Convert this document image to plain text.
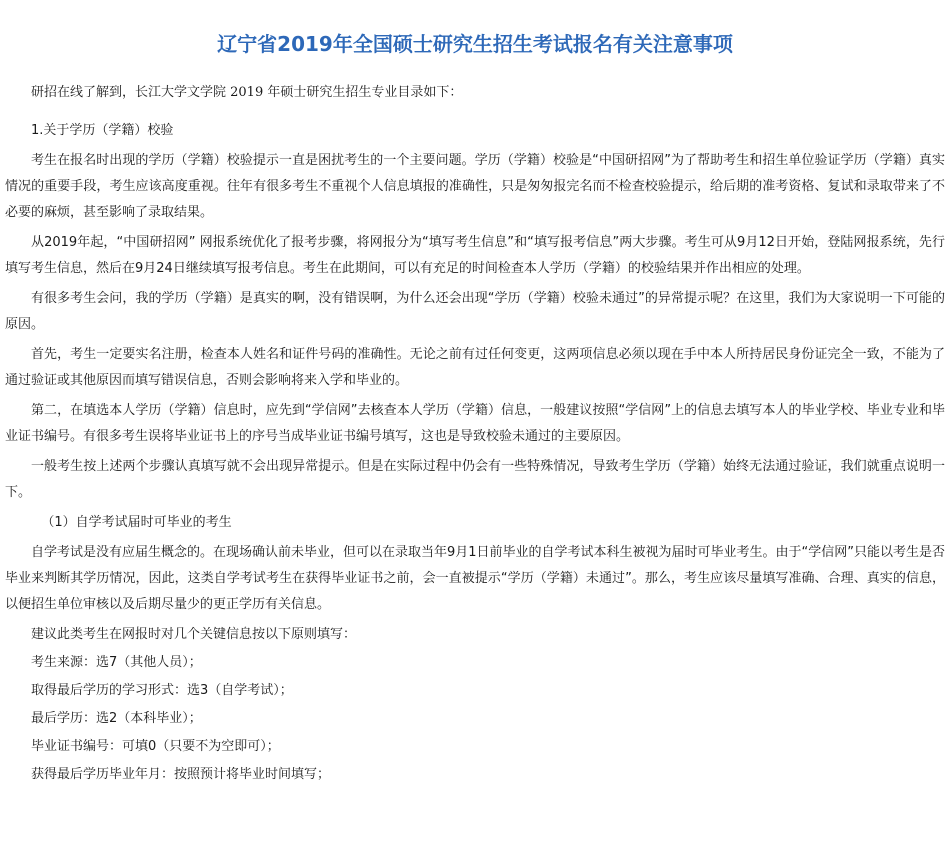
辽宁省2019年全国硕士研究生招生考试报名有关注意事项

研招在线了解到，长江大学文学院 2019 年硕士研究生招生专业目录如下：

1.关于学历（学籍）校验

考生在报名时出现的学历（学籍）校验提示一直是困扰考生的一个主要问题。学历（学籍）校验是“中国研招网”为了帮助考生和招生单位验证学历（学籍）真实情况的重要手段，考生应该高度重视。往年有很多考生不重视个人信息填报的准确性，只是匆匆报完名而不检查校验提示，给后期的准考资格、复试和录取带来了不必要的麻烦，甚至影响了录取结果。

从2019年起，“中国研招网” 网报系统优化了报考步骤，将网报分为“填写考生信息”和“填写报考信息”两大步骤。考生可从9月12日开始，登陆网报系统，先行填写考生信息，然后在9月24日继续填写报考信息。考生在此期间，可以有充足的时间检查本人学历（学籍）的校验结果并作出相应的处理。

有很多考生会问，我的学历（学籍）是真实的啊，没有错误啊，为什么还会出现“学历（学籍）校验未通过”的异常提示呢？在这里，我们为大家说明一下可能的原因。

首先，考生一定要实名注册，检查本人姓名和证件号码的准确性。无论之前有过任何变更，这两项信息必须以现在手中本人所持居民身份证完全一致，不能为了通过验证或其他原因而填写错误信息，否则会影响将来入学和毕业的。

第二，在填选本人学历（学籍）信息时，应先到“学信网”去核查本人学历（学籍）信息，一般建议按照“学信网”上的信息去填写本人的毕业学校、毕业专业和毕业证书编号。有很多考生误将毕业证书上的序号当成毕业证书编号填写，这也是导致校验未通过的主要原因。

一般考生按上述两个步骤认真填写就不会出现异常提示。但是在实际过程中仍会有一些特殊情况，导致考生学历（学籍）始终无法通过验证，我们就重点说明一下。

（1）自学考试届时可毕业的考生

自学考试是没有应届生概念的。在现场确认前未毕业，但可以在录取当年9月1日前毕业的自学考试本科生被视为届时可毕业考生。由于“学信网”只能以考生是否毕业来判断其学历情况，因此，这类自学考试考生在获得毕业证书之前，会一直被提示“学历（学籍）未通过”。那么，考生应该尽量填写准确、合理、真实的信息，以便招生单位审核以及后期尽量少的更正学历有关信息。

建议此类考生在网报时对几个关键信息按以下原则填写：

考生来源：选7（其他人员）；

取得最后学历的学习形式：选3（自学考试）；

最后学历：选2（本科毕业）；

毕业证书编号：可填0（只要不为空即可）；

获得最后学历毕业年月：按照预计将毕业时间填写；
